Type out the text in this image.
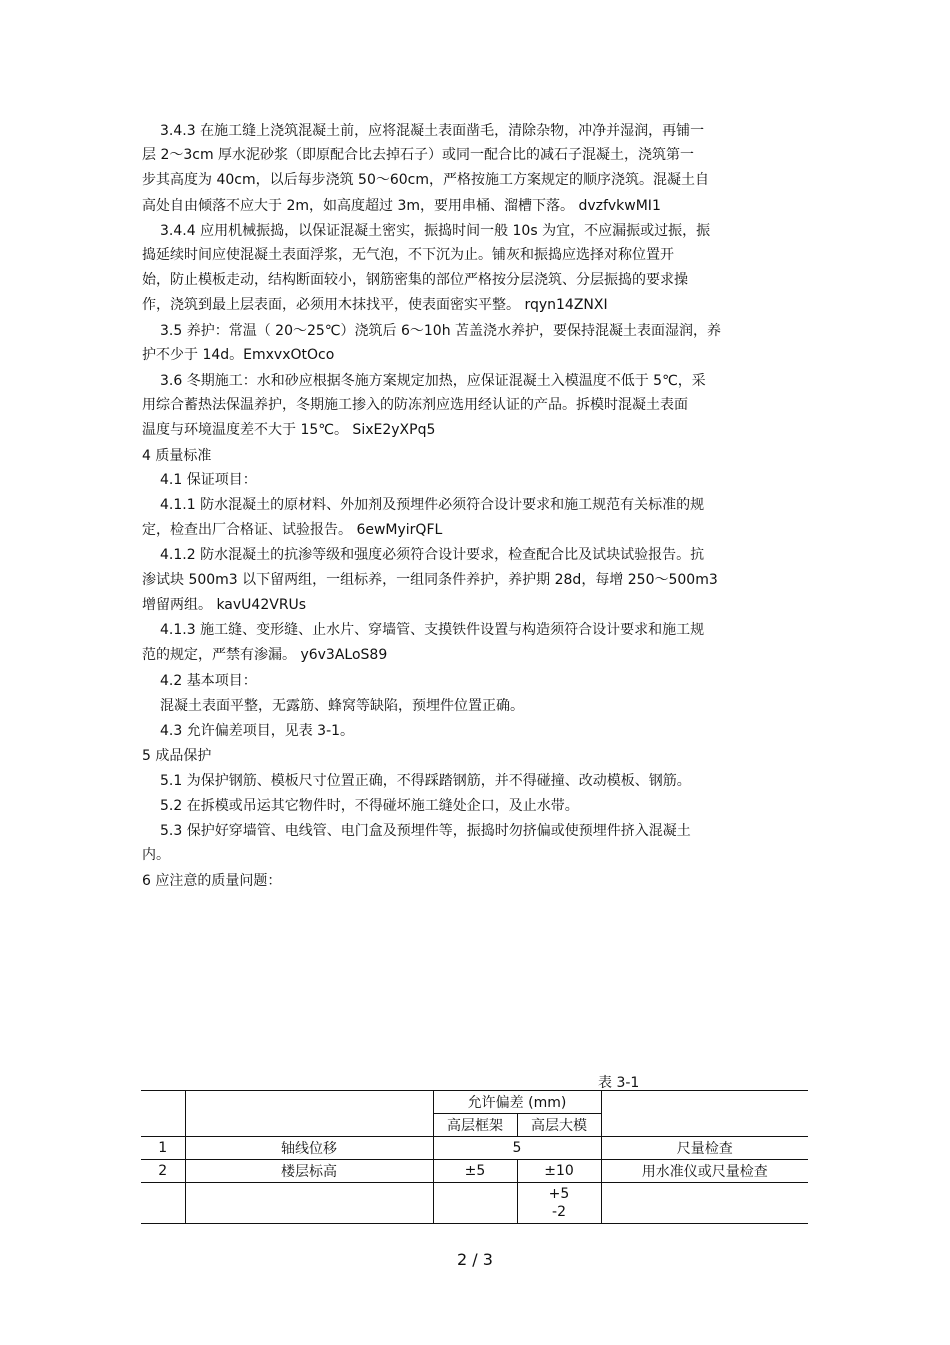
3.4.3 在施工缝上浇筑混凝土前，应将混凝土表面凿毛，清除杂物，冲净并湿润，再铺一
层 2～3cm 厚水泥砂浆（即原配合比去掉石子）或同一配合比的减石子混凝土，浇筑第一
步其高度为 40cm，以后每步浇筑 50～60cm，严格按施工方案规定的顺序浇筑。混凝土自
高处自由倾落不应大于 2m，如高度超过 3m，要用串桶、溜槽下落。 dvzfvkwMI1
3.4.4 应用机械振捣，以保证混凝土密实，振捣时间一般 10s 为宜，不应漏振或过振，振
捣延续时间应使混凝土表面浮浆，无气泡，不下沉为止。铺灰和振捣应选择对称位置开
始，防止模板走动，结构断面较小，钢筋密集的部位严格按分层浇筑、分层振捣的要求操
作，浇筑到最上层表面，必须用木抹找平，使表面密实平整。 rqyn14ZNXI
3.5 养护：常温（ 20～25℃）浇筑后 6～10h 苫盖浇水养护，要保持混凝土表面湿润，养
护不少于 14d。EmxvxOtOco
3.6 冬期施工：水和砂应根据冬施方案规定加热，应保证混凝土入模温度不低于 5℃，采
用综合蓄热法保温养护，冬期施工掺入的防冻剂应选用经认证的产品。拆模时混凝土表面
温度与环境温度差不大于 15℃。 SixE2yXPq5
4 质量标准
4.1 保证项目：
4.1.1 防水混凝土的原材料、外加剂及预埋件必须符合设计要求和施工规范有关标准的规
定，检查出厂合格证、试验报告。 6ewMyirQFL
4.1.2 防水混凝土的抗渗等级和强度必须符合设计要求，检查配合比及试块试验报告。抗
渗试块 500m3 以下留两组，一组标养，一组同条件养护，养护期 28d，每增 250～500m3
增留两组。 kavU42VRUs
4.1.3 施工缝、变形缝、止水片、穿墙管、支摸铁件设置与构造须符合设计要求和施工规
范的规定，严禁有渗漏。 y6v3ALoS89
4.2 基本项目：
混凝土表面平整，无露筋、蜂窝等缺陷，预埋件位置正确。
4.3 允许偏差项目，见表 3-1。
5 成品保护
5.1 为保护钢筋、模板尺寸位置正确，不得踩踏钢筋，并不得碰撞、改动模板、钢筋。
5.2 在拆模或吊运其它物件时，不得碰坏施工缝处企口，及止水带。
5.3 保护好穿墙管、电线管、电门盒及预埋件等，振捣时勿挤偏或使预埋件挤入混凝土
内。
6 应注意的质量问题：
表 3-1
		允许偏差 (mm)		
		高层框架	高层大模	
1	轴线位移	5		尺量检查
2	楼层标高	±5	±10	用水准仪或尺量检查

			+5
-2	

2 / 3
